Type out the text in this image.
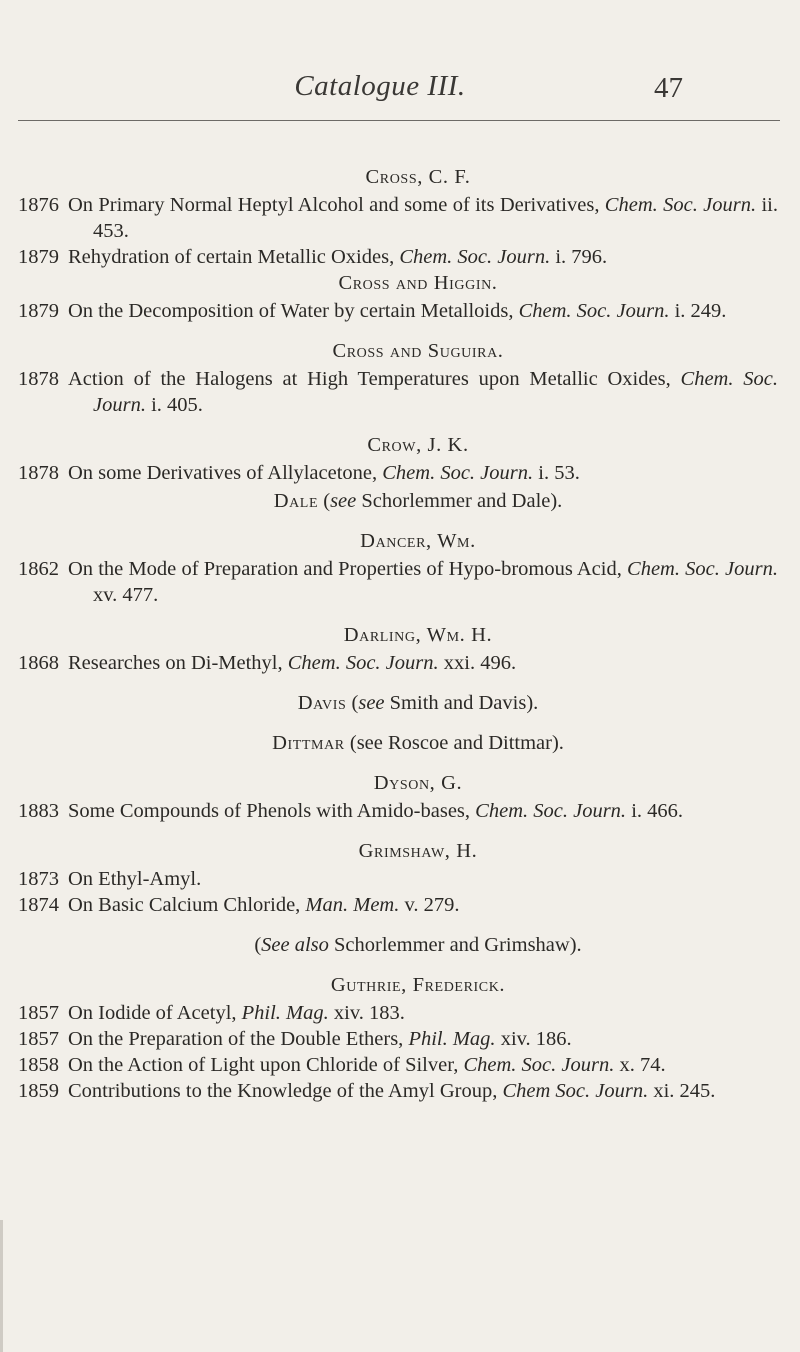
Catalogue III.	47
Cross, C. F.
1876 On Primary Normal Heptyl Alcohol and some of its Derivatives, Chem. Soc. Journ. ii. 453.
1879 Rehydration of certain Metallic Oxides, Chem. Soc. Journ. i. 796.
Cross and Higgin.
1879 On the Decomposition of Water by certain Metalloids, Chem. Soc. Journ. i. 249.
Cross and Suguira.
1878 Action of the Halogens at High Temperatures upon Metallic Oxides, Chem. Soc. Journ. i. 405.
Crow, J. K.
1878 On some Derivatives of Allylacetone, Chem. Soc. Journ. i. 53.
Dale (see Schorlemmer and Dale).
Dancer, Wm.
1862 On the Mode of Preparation and Properties of Hypo-bromous Acid, Chem. Soc. Journ. xv. 477.
Darling, Wm. H.
1868 Researches on Di-Methyl, Chem. Soc. Journ. xxi. 496.
Davis (see Smith and Davis).
Dittmar (see Roscoe and Dittmar).
Dyson, G.
1883 Some Compounds of Phenols with Amido-bases, Chem. Soc. Journ. i. 466.
Grimshaw, H.
1873 On Ethyl-Amyl.
1874 On Basic Calcium Chloride, Man. Mem. v. 279.
(See also Schorlemmer and Grimshaw).
Guthrie, Frederick.
1857 On Iodide of Acetyl, Phil. Mag. xiv. 183.
1857 On the Preparation of the Double Ethers, Phil. Mag. xiv. 186.
1858 On the Action of Light upon Chloride of Silver, Chem. Soc. Journ. x. 74.
1859 Contributions to the Knowledge of the Amyl Group, Chem Soc. Journ. xi. 245.
